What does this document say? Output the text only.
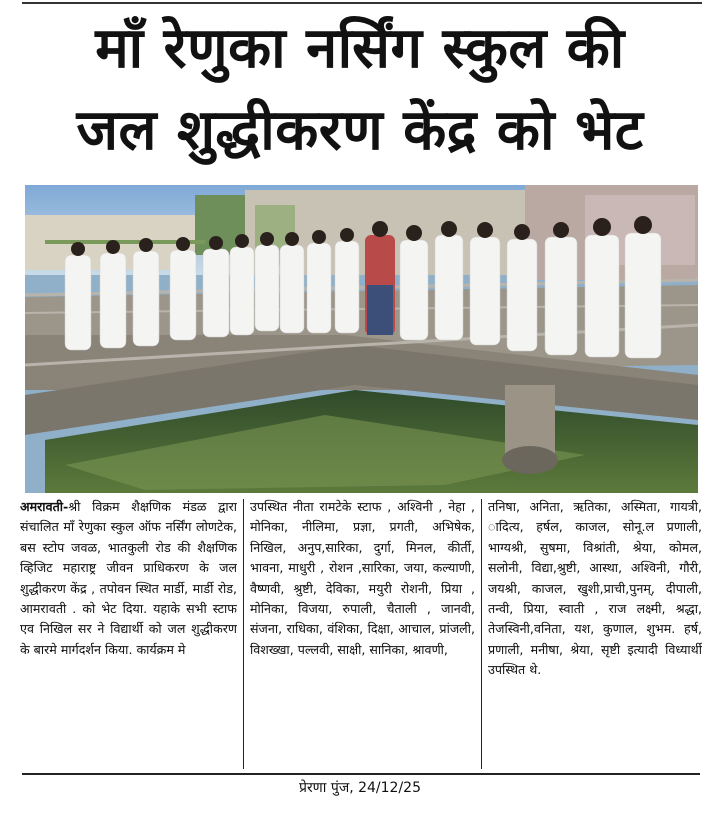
माँ रेणुका नर्सिंग स्कुल की
जल शुद्धीकरण केंद्र को भेट
अमरावती-श्री विक्रम शैक्षणिक मंडळ द्वारा संचालित माँ रेणुका स्कुल ऑफ नर्सिंग लोणटेक, बस स्टोप जवळ, भातकुली रोड की शैक्षणिक व्हिजिट महाराष्ट्र जीवन प्राधिकरण के जल शुद्धीकरण केंद्र , तपोवन स्थित मार्डी, मार्डी रोड, आमरावती . को भेट दिया. यहाके सभी स्टाफ एव निखिल सर ने विद्यार्थी को जल शुद्धीकरण के बारमे मार्गदर्शन किया. कार्यक्रम मे
उपस्थित नीता रामटेके स्टाफ , अश्विनी , नेहा , मोनिका, नीलिमा, प्रज्ञा, प्रगती, अभिषेक, निखिल, अनुप,सारिका, दुर्गा, मिनल, कीर्ती, भावना, माधुरी , रोशन ,सारिका, जया, कल्याणी, वैष्णवी, श्रुष्टी, देविका, मयुरी रोशनी, प्रिया , मोनिका, विजया, रुपाली, चैताली , जानवी, संजना, राधिका, वंशिका, दिक्षा, आचाल, प्रांजली, विशख्खा, पल्लवी, साक्षी, सानिका, श्रावणी,
तनिषा, अनिता, ऋतिका, अस्मिता, गायत्री, ादित्य, हर्षल, काजल, सोनू.ल प्रणाली, भाग्यश्री, सुषमा, विश्रांती, श्रेया, कोमल, सलोनी, विद्या,श्रुष्टी, आस्था, अश्विनी, गौरी, जयश्री, काजल, खुशी,प्राची,पुनम्, दीपाली, तन्वी, प्रिया, स्वाती , राज लक्ष्मी, श्रद्धा, तेजस्विनी,वनिता, यश, कुणाल, शुभम. हर्ष, प्रणाली, मनीषा, श्रेया, सृष्टी इत्यादी विध्यार्थी उपस्थित थे.
प्रेरणा पुंज, 24/12/25
